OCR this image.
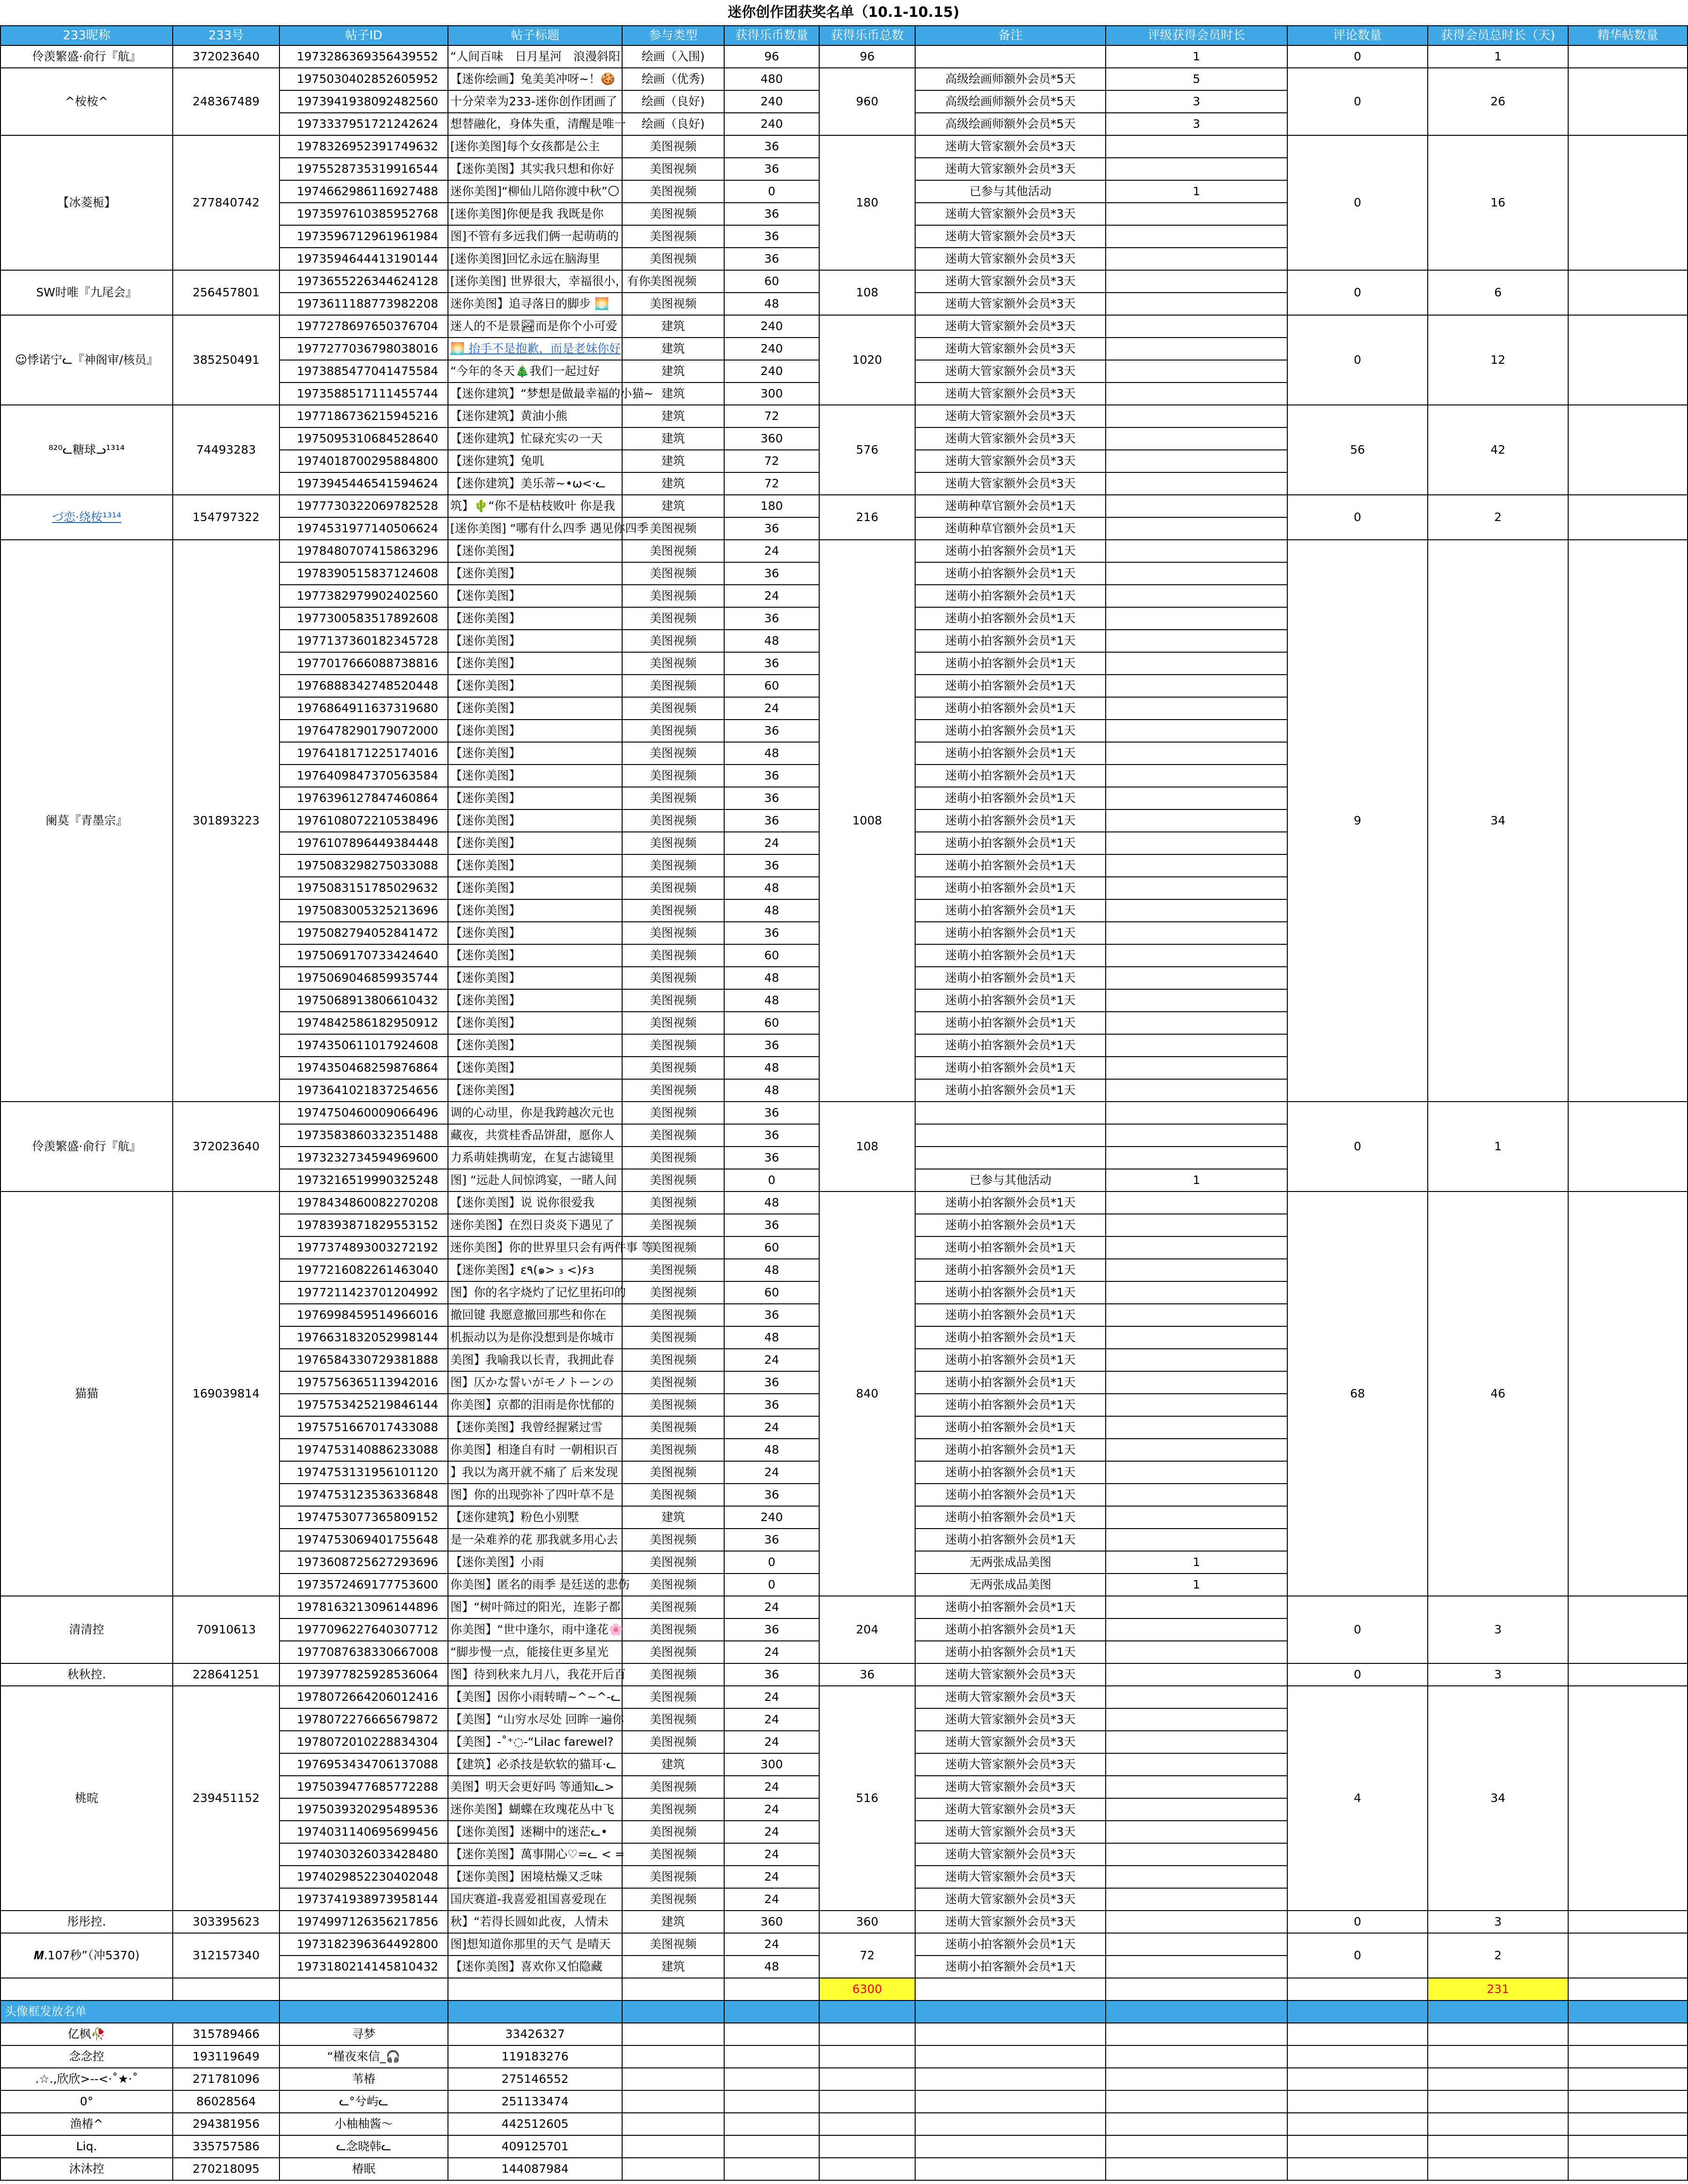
迷你创作团获奖名单（10.1-10.15)
233昵称	233号	帖子ID	帖子标题	参与类型	获得乐币数量	获得乐币总数	备注	评级获得会员时长	评论数量	获得会员总时长（天)	精华帖数量
伶羡繁盛·俞行『航』	372023640	1973286369356439552	“人间百味　日月星河　浪漫斜阳	绘画（入围)	96	96		1	0	1	
^桉桉^	248367489	1975030402852605952	【迷你绘画】兔美美冲呀~！🍪	绘画（优秀)	480	960	高级绘画师额外会员*5天	5	0	26	
		1973941938092482560	十分荣幸为233-迷你创作团画了	绘画（良好)	240		高级绘画师额外会员*5天	3			
		1973337951721242624	想替融化，身体失重，清醒是唯一	绘画（良好)	240		高级绘画师额外会员*5天	3			
【冰菱栀】	277840742	1978326952391749632	[迷你美图]每个女孩都是公主	美图视频	36	180	迷萌大管家额外会员*3天		0	16	
		1975528735319916544	【迷你美图】其实我只想和你好	美图视频	36		迷萌大管家额外会员*3天				
		1974662986116927488	迷你美图]“柳仙儿陪你渡中秋”🌕	美图视频	0		已参与其他活动	1			
		1973597610385952768	[迷你美图]你便是我 我既是你	美图视频	36		迷萌大管家额外会员*3天				
		1973596712961961984	图]不管有多远我们俩一起萌萌的	美图视频	36		迷萌大管家额外会员*3天				
		1973594644413190144	[迷你美图]回忆永远在脑海里	美图视频	36		迷萌大管家额外会员*3天				
SW时唯『九尾会』	256457801	1973655226344624128	[迷你美图] 世界很大，幸福很小，有你	美图视频	60	108	迷萌大管家额外会员*3天		0	6	
		1973611188773982208	迷你美图】追寻落日的脚步 🌅	美图视频	48		迷萌大管家额外会员*3天				
☺悸诺宁ᓚ『神阁审/核员』	385250491	1977278697650376704	迷人的不是景🏞而是你个小可爱	建筑	240	1020	迷萌大管家额外会员*3天		0	12	
		1977277036798038016	🌅 抬手不是抱歉，而是老妹你好	建筑	240		迷萌大管家额外会员*3天				
		1973885477041475584	“今年的冬天🎄我们一起过好	建筑	240		迷萌大管家额外会员*3天				
		1973588517111455744	【迷你建筑】“梦想是做最幸福的小猫~	建筑	300		迷萌大管家额外会员*3天				
⁸²⁰ᓚ糖球ᓗ¹³¹⁴	74493283	1977186736215945216	【迷你建筑】黄油小熊	建筑	72	576	迷萌大管家额外会员*3天		56	42	
		1975095310684528640	【迷你建筑】忙碌充实の一天	建筑	360		迷萌大管家额外会员*3天				
		1974018700295884800	【迷你建筑】兔叽	建筑	72		迷萌大管家额外会员*3天				
		1973945446541594624	【迷你建筑】美乐蒂~•ω<·ᓚ	建筑	72		迷萌大管家额外会员*3天				
づ恋·绕桉¹³¹⁴	154797322	1977730322069782528	筑】🌵“你不是枯枝败叶 你是我	建筑	180	216	迷萌种草官额外会员*1天		0	2	
		1974531977140506624	[迷你美图] “哪有什么四季 遇见你四季	美图视频	36		迷萌种草官额外会员*1天				
阑莫『青墨宗』	301893223	1978480707415863296	【迷你美图】	美图视频	24	1008	迷萌小拍客额外会员*1天		9	34	
		1978390515837124608	【迷你美图】	美图视频	36		迷萌小拍客额外会员*1天				
		1977382979902402560	【迷你美图】	美图视频	24		迷萌小拍客额外会员*1天				
		1977300583517892608	【迷你美图】	美图视频	36		迷萌小拍客额外会员*1天				
		1977137360182345728	【迷你美图】	美图视频	48		迷萌小拍客额外会员*1天				
		1977017666088738816	【迷你美图】	美图视频	36		迷萌小拍客额外会员*1天				
		1976888342748520448	【迷你美图】	美图视频	60		迷萌小拍客额外会员*1天				
		1976864911637319680	【迷你美图】	美图视频	24		迷萌小拍客额外会员*1天				
		1976478290179072000	【迷你美图】	美图视频	36		迷萌小拍客额外会员*1天				
		1976418171225174016	【迷你美图】	美图视频	48		迷萌小拍客额外会员*1天				
		1976409847370563584	【迷你美图】	美图视频	36		迷萌小拍客额外会员*1天				
		1976396127847460864	【迷你美图】	美图视频	36		迷萌小拍客额外会员*1天				
		1976108072210538496	【迷你美图】	美图视频	36		迷萌小拍客额外会员*1天				
		1976107896449384448	【迷你美图】	美图视频	24		迷萌小拍客额外会员*1天				
		1975083298275033088	【迷你美图】	美图视频	36		迷萌小拍客额外会员*1天				
		1975083151785029632	【迷你美图】	美图视频	48		迷萌小拍客额外会员*1天				
		1975083005325213696	【迷你美图】	美图视频	48		迷萌小拍客额外会员*1天				
		1975082794052841472	【迷你美图】	美图视频	36		迷萌小拍客额外会员*1天				
		1975069170733424640	【迷你美图】	美图视频	60		迷萌小拍客额外会员*1天				
		1975069046859935744	【迷你美图】	美图视频	48		迷萌小拍客额外会员*1天				
		1975068913806610432	【迷你美图】	美图视频	48		迷萌小拍客额外会员*1天				
		1974842586182950912	【迷你美图】	美图视频	60		迷萌小拍客额外会员*1天				
		1974350611017924608	【迷你美图】	美图视频	36		迷萌小拍客额外会员*1天				
		1974350468259876864	【迷你美图】	美图视频	48		迷萌小拍客额外会员*1天				
		1973641021837254656	【迷你美图】	美图视频	48		迷萌小拍客额外会员*1天				
伶羡繁盛·俞行『航』	372023640	1974750460009066496	调的心动里，你是我跨越次元也	美图视频	36	108			0	1	
		1973583860332351488	藏夜，共赏桂香品饼甜，愿你人	美图视频	36						
		1973232734594969600	力系萌娃携萌宠，在复古滤镜里	美图视频	36						
		1973216519990325248	图] “远赴人间惊鸿宴，一睹人间	美图视频	0		已参与其他活动	1			
猫猫	169039814	1978434860082270208	【迷你美图】说 说你很爱我	美图视频	48	840	迷萌小拍客额外会员*1天		68	46	
		1978393871829553152	迷你美图】在烈日炎炎下遇见了	美图视频	36		迷萌小拍客额外会员*1天				
		1977374893003272192	迷你美图】你的世界里只会有两件事 等	美图视频	60		迷萌小拍客额外会员*1天				
		1977216082261463040	【迷你美图】ε٩(๑> ₃ <)۶з	美图视频	48		迷萌小拍客额外会员*1天				
		1977211423701204992	图】你的名字烧灼了记忆里拓印的	美图视频	60		迷萌小拍客额外会员*1天				
		1976998459514966016	撤回键 我愿意撤回那些和你在	美图视频	36		迷萌小拍客额外会员*1天				
		1976631832052998144	机振动以为是你没想到是你城市	美图视频	48		迷萌小拍客额外会员*1天				
		1976584330729381888	美图】我喻我以长青，我拥此春	美图视频	24		迷萌小拍客额外会员*1天				
		1975756365113942016	图】仄かな誓いがモノトーンの	美图视频	36		迷萌小拍客额外会员*1天				
		1975753425219846144	你美图】京都的泪雨是你忧郁的	美图视频	36		迷萌小拍客额外会员*1天				
		1975751667017433088	【迷你美图】我曾经握紧过雪	美图视频	24		迷萌小拍客额外会员*1天				
		1974753140886233088	你美图】相逢自有时 一朝相识百	美图视频	48		迷萌小拍客额外会员*1天				
		1974753131956101120	】我以为离开就不痛了 后来发现	美图视频	24		迷萌小拍客额外会员*1天				
		1974753123536336848	图】你的出现弥补了四叶草不是	美图视频	36		迷萌小拍客额外会员*1天				
		1974753077365809152	【迷你建筑】粉色小别墅	建筑	240		迷萌小拍客额外会员*1天				
		1974753069401755648	是一朵难养的花 那我就多用心去	美图视频	36		迷萌小拍客额外会员*1天				
		1973608725627293696	【迷你美图】小雨	美图视频	0		无两张成品美图	1			
		1973572469177753600	你美图】匿名的雨季 是廷送的悲伤	美图视频	0		无两张成品美图	1			
清清控	70910613	1978163213096144896	图】“树叶筛过的阳光，连影子都	美图视频	24	204	迷萌小拍客额外会员*1天		0	3	
		1977096227640307712	你美图】“世中逢尔，雨中逢花🌸	美图视频	36		迷萌小拍客额外会员*1天				
		1977087638330667008	“脚步慢一点，能接住更多星光	美图视频	24		迷萌小拍客额外会员*1天				
秋秋控.	228641251	1973977825928536064	图】待到秋来九月八，我花开后百	美图视频	36	36	迷萌大管家额外会员*3天		0	3	
桃晥	239451152	1978072664206012416	【美图】因你小雨转晴~^~^-ᓚ	美图视频	24	516	迷萌大管家额外会员*3天		4	34	
		1978072276665679872	【美图】“山穷水尽处 回眸一遍你	美图视频	24		迷萌大管家额外会员*3天				
		1978072010228834304	【美图】-˚⁺◌-“Lilac farewel?	美图视频	24		迷萌大管家额外会员*3天				
		1976953434706137088	【建筑】必杀技是软软的猫耳·ᓚ	建筑	300		迷萌大管家额外会员*3天				
		1975039477685772288	美图】明天会更好吗 等通知ᓚ>	美图视频	24		迷萌大管家额外会员*3天				
		1975039320295489536	迷你美图】蝴蝶在玫瑰花丛中飞	美图视频	24		迷萌大管家额外会员*3天				
		1974031140695699456	【迷你美图】迷糊中的迷茫ᓚ•	美图视频	24		迷萌大管家额外会员*3天				
		1974030326033428480	【迷你美图】萬事開心♡=ᓚ < =	美图视频	24		迷萌大管家额外会员*3天				
		1974029852230402048	【迷你美图】困境枯燥又乏味	美图视频	24		迷萌大管家额外会员*3天				
		1973741938973958144	国庆赛道-我喜爱祖国喜爱现在	美图视频	24		迷萌大管家额外会员*3天				
彤彤控.	303395623	1974997126356217856	秋】“若得长圆如此夜，人情未	建筑	360	360	迷萌大管家额外会员*3天		0	3	
𝑴.107秒”（冲5370)	312157340	1973182396364492800	图]想知道你那里的天气 是晴天	美图视频	24	72	迷萌小拍客额外会员*1天		0	2	
		1973180214145810432	【迷你美图】喜欢你又怕隐藏	建筑	48		迷萌小拍客额外会员*1天				
						6300				231	
头像框发放名单											
亿枫🥀	315789466	寻梦	33426327								
念念控	193119649	“槿夜來信_🎧	119183276								
.☆.,欣欣>--<·˚★·˚	271781096	苇椿	275146552								
0°	86028564	ᓚ°兮屿ᓚ	251133474								
渔椿^	294381956	小柚柚酱～	442512605								
Liq.	335757586	ᓚ念晓韩ᓚ	409125701								
沐沐控	270218095	椿眠	144087984								
